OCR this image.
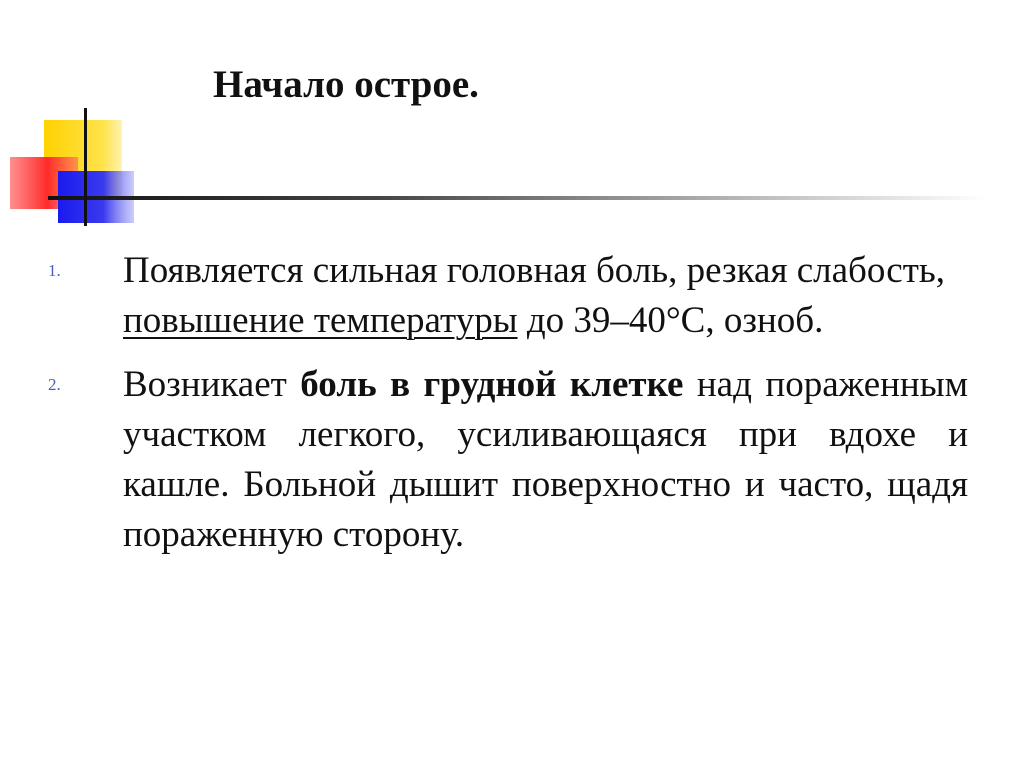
Начало острое.
1. Появляется сильная головная боль, резкая слабость, повышение температуры до 39–40°С, озноб.
2. Возникает боль в грудной клетке над пораженным участком легкого, усиливающаяся при вдохе и кашле. Больной дышит поверхностно и часто, щадя пораженную сторону.
